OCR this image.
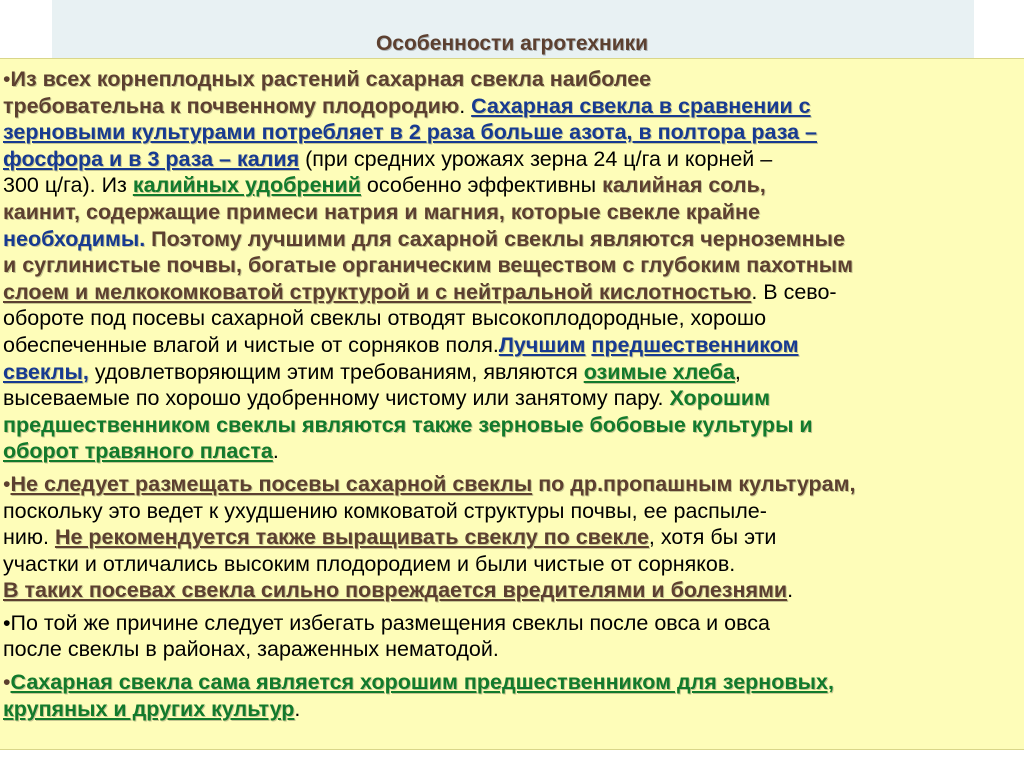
Особенности агротехники
•Из всех корнеплодных растений сахарная свекла наиболее
требовательна к почвенному плодородию. Сахарная свекла в сравнении с
зерновыми культурами потребляет в 2 раза больше азота, в полтора раза –
фосфора и в 3 раза – калия (при средних урожаях зерна 24 ц/га и корней –
300 ц/га). Из калийных удобрений особенно эффективны калийная соль,
каинит, содержащие примеси натрия и магния, которые свекле крайне
необходимы. Поэтому лучшими для сахарной свеклы являются черноземные
и суглинистые почвы, богатые органическим веществом с глубоким пахотным
слоем и мелкокомковатой структурой и с нейтральной кислотностью. В сево-
обороте под посевы сахарной свеклы отводят высокоплодородные, хорошо
обеспеченные влагой и чистые от сорняков поля.Лучшим предшественником
свеклы, удовлетворяющим этим требованиям, являются озимые хлеба,
высеваемые по хорошо удобренному чистому или занятому пару. Хорошим
предшественником свеклы являются также зерновые бобовые культуры и
оборот травяного пласта.
•Не следует размещать посевы сахарной свеклы по др.пропашным культурам,
поскольку это ведет к ухудшению комковатой структуры почвы, ее распыле-
нию. Не рекомендуется также выращивать свеклу по свекле, хотя бы эти
участки и отличались высоким плодородием и были чистые от сорняков.
В таких посевах свекла сильно повреждается вредителями и болезнями.
•По той же причине следует избегать размещения свеклы после овса и овса
после свеклы в районах, зараженных нематодой.
•Сахарная свекла сама является хорошим предшественником для зерновых,
крупяных и других культур.
